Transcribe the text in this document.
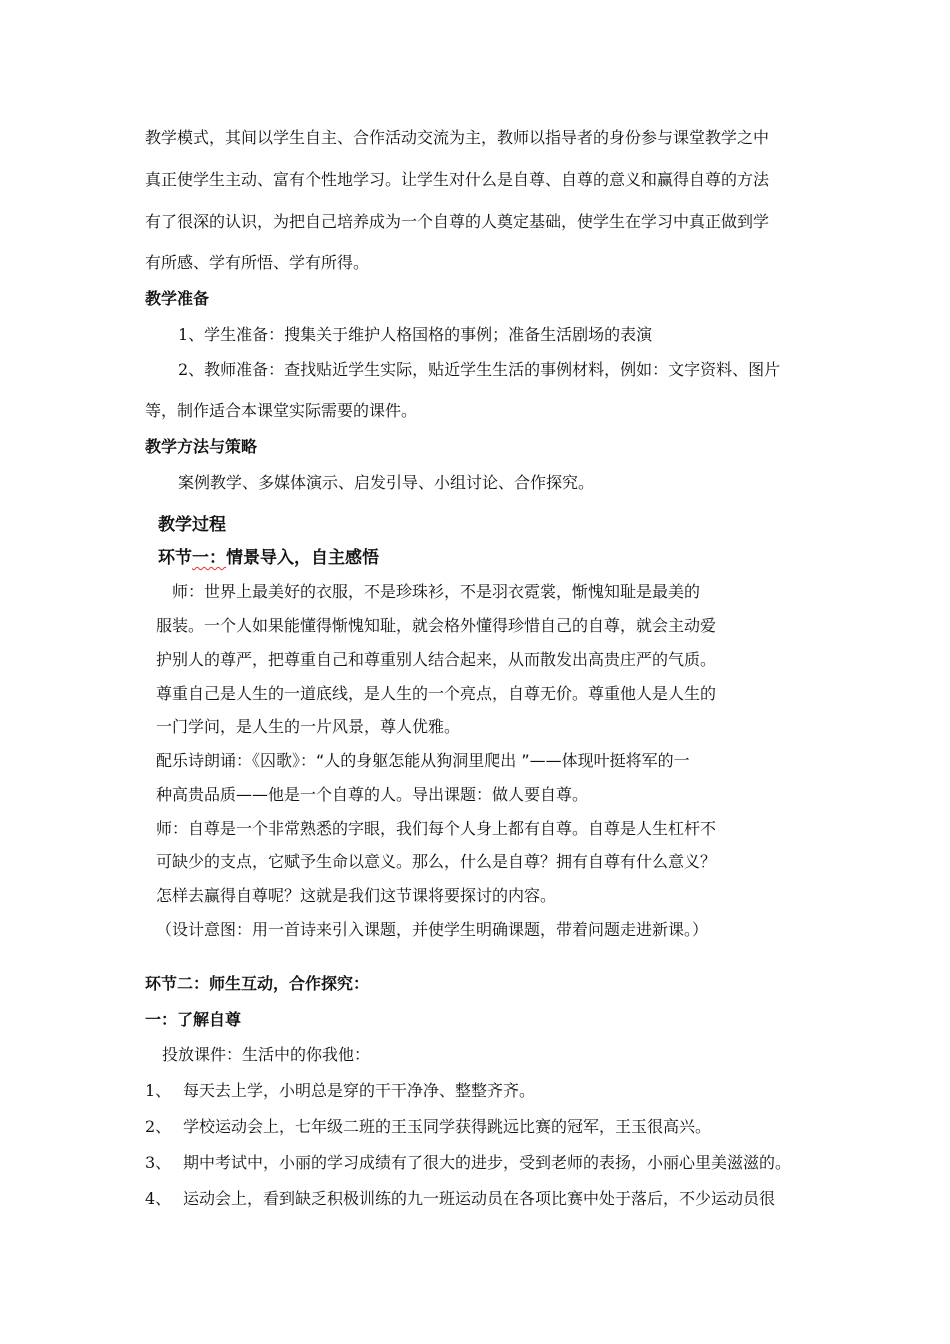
教学模式，其间以学生自主、合作活动交流为主，教师以指导者的身份参与课堂教学之中
真正使学生主动、富有个性地学习。让学生对什么是自尊、自尊的意义和赢得自尊的方法
有了很深的认识，为把自己培养成为一个自尊的人奠定基础，使学生在学习中真正做到学
有所感、学有所悟、学有所得。
教学准备
1、学生准备：搜集关于维护人格国格的事例；准备生活剧场的表演
2、教师准备：查找贴近学生实际，贴近学生生活的事例材料，例如：文字资料、图片
等，制作适合本课堂实际需要的课件。
教学方法与策略
案例教学、多媒体演示、启发引导、小组讨论、合作探究。
教学过程
环节一：情景导入，自主感悟
师：世界上最美好的衣服，不是珍珠衫，不是羽衣霓裳，惭愧知耻是最美的
服装。一个人如果能懂得惭愧知耻，就会格外懂得珍惜自己的自尊，就会主动爱
护别人的尊严，把尊重自己和尊重别人结合起来，从而散发出高贵庄严的气质。
尊重自己是人生的一道底线，是人生的一个亮点，自尊无价。尊重他人是人生的
一门学问，是人生的一片风景，尊人优雅。
配乐诗朗诵：《囚歌》：“人的身躯怎能从狗洞里爬出 ”——体现叶挺将军的一
种高贵品质——他是一个自尊的人。导出课题：做人要自尊。
师：自尊是一个非常熟悉的字眼，我们每个人身上都有自尊。自尊是人生杠杆不
可缺少的支点，它赋予生命以意义。那么，什么是自尊？拥有自尊有什么意义？
怎样去赢得自尊呢？这就是我们这节课将要探讨的内容。
（设计意图：用一首诗来引入课题，并使学生明确课题，带着问题走进新课。）
环节二：师生互动，合作探究：
一：了解自尊
投放课件：生活中的你我他：
1、 每天去上学，小明总是穿的干干净净、整整齐齐。
2、 学校运动会上，七年级二班的王玉同学获得跳远比赛的冠军，王玉很高兴。
3、 期中考试中，小丽的学习成绩有了很大的进步，受到老师的表扬，小丽心里美滋滋的。
4、 运动会上，看到缺乏积极训练的九一班运动员在各项比赛中处于落后，不少运动员很
